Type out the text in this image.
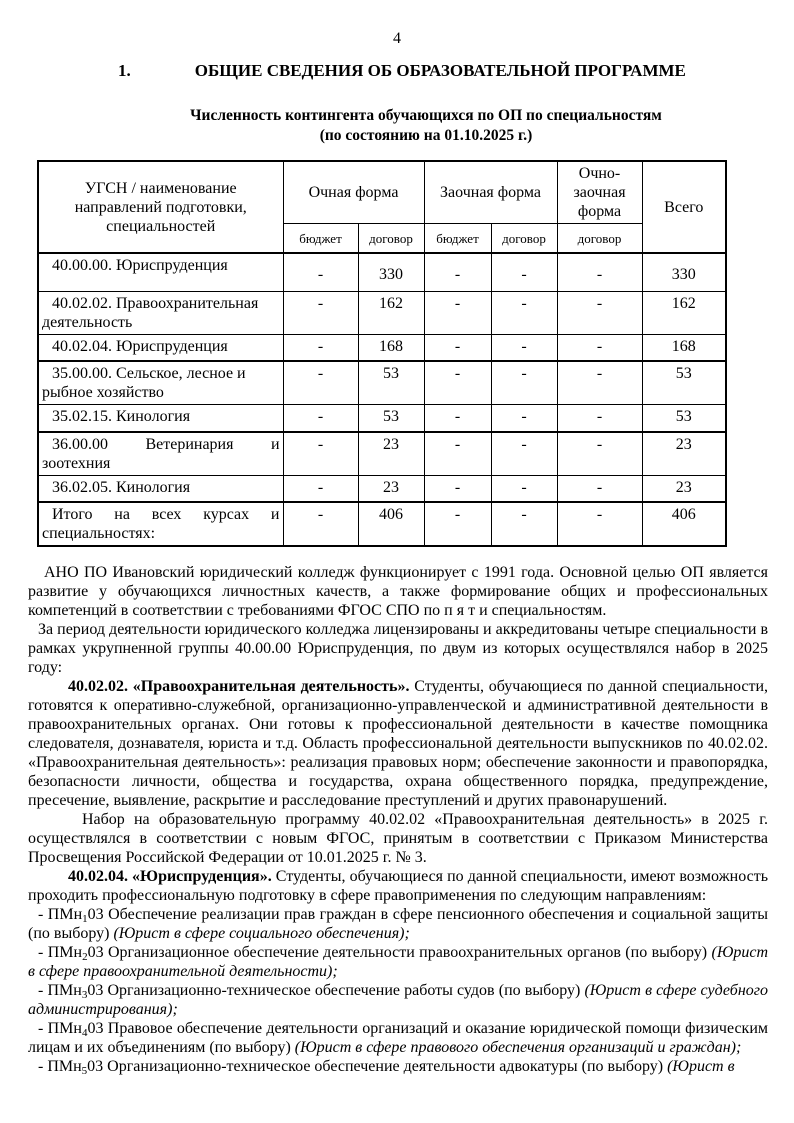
4
1.	ОБЩИЕ СВЕДЕНИЯ ОБ ОБРАЗОВАТЕЛЬНОЙ ПРОГРАММЕ
Численность контингента обучающихся по ОП по специальностям
(по состоянию на 01.10.2025 г.)
УГСН / наименование направлений подготовки, специальностей	Очная форма		Заочная форма		Очно-заочная форма	Всего
	бюджет	договор	бюджет	договор	договор	
40.00.00. Юриспруденция	-	330	-	-	-	330
40.02.02. Правоохранительная деятельность	-	162	-	-	-	162
40.02.04. Юриспруденция	-	168	-	-	-	168
35.00.00. Сельское, лесное и рыбное хозяйство	-	53	-	-	-	53
35.02.15. Кинология	-	53	-	-	-	53
36.00.00 Ветеринария и зоотехния	-	23	-	-	-	23
36.02.05. Кинология	-	23	-	-	-	23
Итого на всех курсах и специальностях:	-	406	-	-	-	406
АНО ПО Ивановский юридический колледж функционирует с 1991 года. Основной целью ОП является развитие у обучающихся личностных качеств, а также формирование общих и профессиональных компетенций в соответствии с требованиями ФГОС СПО по п я т и специальностям.
За период деятельности юридического колледжа лицензированы и аккредитованы четыре специальности в рамках укрупненной группы 40.00.00 Юриспруденция, по двум из которых осуществлялся набор в 2025 году:
40.02.02. «Правоохранительная деятельность». Студенты, обучающиеся по данной специальности, готовятся к оперативно-служебной, организационно-управленческой и административной деятельности в правоохранительных органах. Они готовы к профессиональной деятельности в качестве помощника следователя, дознавателя, юриста и т.д. Область профессиональной деятельности выпускников по 40.02.02. «Правоохранительная деятельность»: реализация правовых норм; обеспечение законности и правопорядка, безопасности личности, общества и государства, охрана общественного порядка, предупреждение, пресечение, выявление, раскрытие и расследование преступлений и других правонарушений.
Набор на образовательную программу 40.02.02 «Правоохранительная деятельность» в 2025 г. осуществлялся в соответствии с новым ФГОС, принятым в соответствии с Приказом Министерства Просвещения Российской Федерации от 10.01.2025 г. № 3.
40.02.04. «Юриспруденция». Студенты, обучающиеся по данной специальности, имеют возможность проходить профессиональную подготовку в сфере правоприменения по следующим направлениям:
- ПМн$_1$03 Обеспечение реализации прав граждан в сфере пенсионного обеспечения и социальной защиты (по выбору) (Юрист в сфере социального обеспечения);
- ПМн$_2$03 Организационное обеспечение деятельности правоохранительных органов (по выбору) (Юрист в сфере правоохранительной деятельности);
- ПМн$_3$03 Организационно-техническое обеспечение работы судов (по выбору) (Юрист в сфере судебного администрирования);
- ПМн$_4$03 Правовое обеспечение деятельности организаций и оказание юридической помощи физическим лицам и их объединениям (по выбору) (Юрист в сфере правового обеспечения организаций и граждан);
- ПМн$_5$03 Организационно-техническое обеспечение деятельности адвокатуры (по выбору) (Юрист в
